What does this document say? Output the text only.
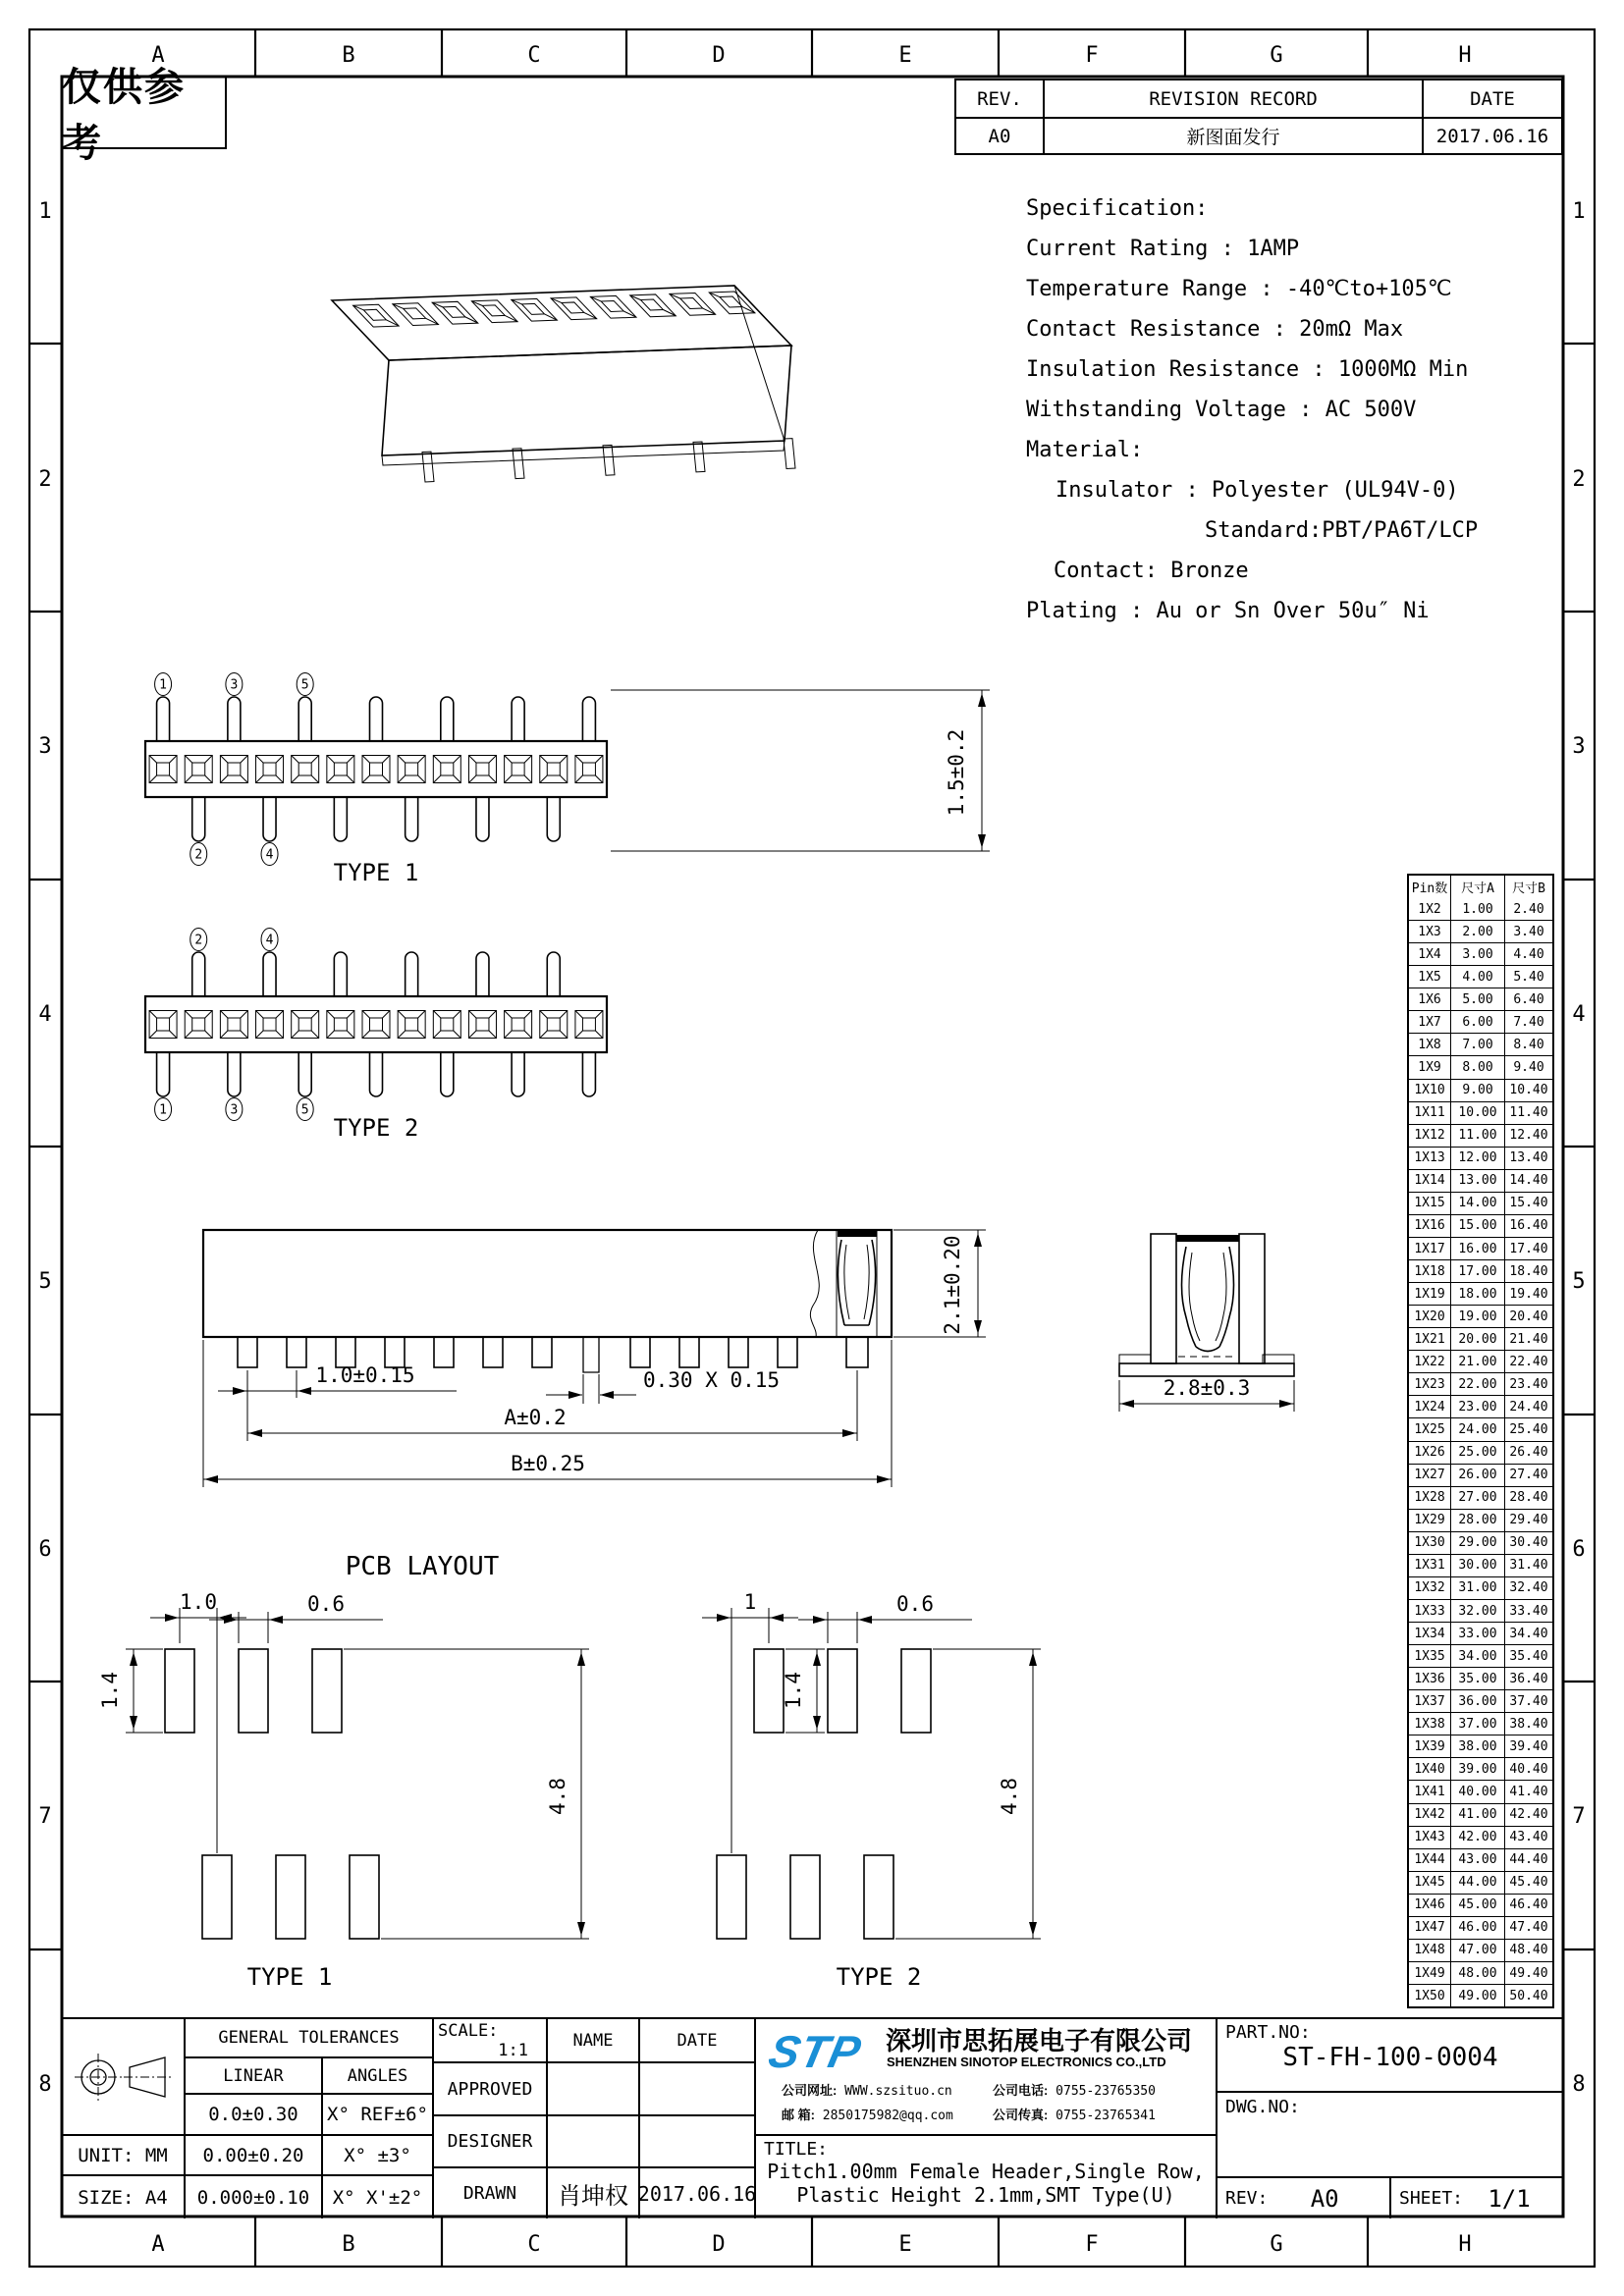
A
A
B
B
C
C
D
D
E
E
F
F
G
G
H
H
1	1
2	2
3	3
4	4
5	5
6	6
7	7
8	8
1	3	5
2	4
2	4
1	3	5
1.5±0.2
1.0±0.15	0.30 X 0.15
A±0.2
B±0.25
2.1±0.20
2.8±0.3
TYPE 1
TYPE 2
PCB LAYOUT
TYPE 1	TYPE 2
1.4
1.0	0.6
4.8
1
1.4
0.6
4.8
仅供参考
REV.	REVISION RECORD	DATE
A0	新图面发行	2017.06.16
Specification:
Current Rating : 1AMP
Temperature Range : -40℃to+105℃
Contact Resistance : 20mΩ Max
Insulation Resistance : 1000MΩ Min
Withstanding Voltage : AC 500V
Material:
Insulator : Polyester (UL94V-0)
Standard:PBT/PA6T/LCP
Contact: Bronze
Plating : Au or Sn Over 50u″ Ni
Pin数	尺寸A	尺寸B
1X2	1.00	2.40
1X3	2.00	3.40
1X4	3.00	4.40
1X5	4.00	5.40
1X6	5.00	6.40
1X7	6.00	7.40
1X8	7.00	8.40
1X9	8.00	9.40
1X10	9.00	10.40
1X11	10.00 11.40
1X12	11.00 12.40
1X13	12.00 13.40
1X14	13.00 14.40
1X15	14.00 15.40
1X16	15.00 16.40
1X17	16.00 17.40
1X18	17.00 18.40
1X19	18.00 19.40
1X20	19.00 20.40
1X21	20.00 21.40
1X22	21.00 22.40
1X23	22.00 23.40
1X24	23.00 24.40
1X25	24.00 25.40
1X26	25.00 26.40
1X27	26.00 27.40
1X28	27.00 28.40
1X29	28.00 29.40
1X30	29.00 30.40
1X31	30.00 31.40
1X32	31.00 32.40
1X33	32.00 33.40
1X34	33.00 34.40
1X35	34.00 35.40
1X36	35.00 36.40
1X37	36.00 37.40
1X38	37.00 38.40
1X39	38.00 39.40
1X40	39.00 40.40
1X41	40.00 41.40
1X42	41.00 42.40
1X43	42.00 43.40
1X44	43.00 44.40
1X45	44.00 45.40
1X46	45.00 46.40
1X47	46.00 47.40
1X48	47.00 48.40
1X49	48.00 49.40
1X50	49.00 50.40
UNIT: MM
SIZE: A4
GENERAL TOLERANCES
LINEAR	ANGLES
0.0±0.30 X° REF±6°
0.00±0.20 X° ±3°
0.000±0.10 X° X'±2°
SCALE:
1:1
NAME	DATE
APPROVED
DESIGNER
DRAWN 肖坤权 2017.06.16
STP 深圳市思拓展电子有限公司
SHENZHEN SINOTOP ELECTRONICS CO.,LTD
公司网址: WWW.szsituo.cn	公司电话: 0755-23765350
邮 箱: 2850175982@qq.com	公司传真: 0755-23765341
TITLE:
Pitch1.00mm Female Header,Single Row,
Plastic Height 2.1mm,SMT Type(U)
PART.NO:
ST-FH-100-0004
DWG.NO:
REV:	A0	SHEET:	1/1
